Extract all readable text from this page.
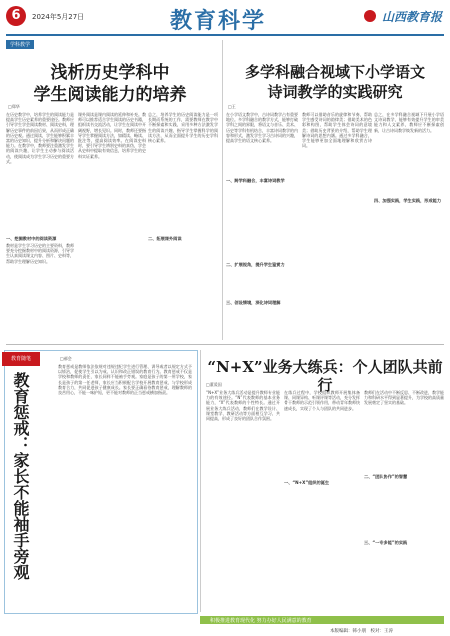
6	2024年5月27日	教育科学	山西教育报
学科教学
浅析历史学科中
学生阅读能力的培养
□郑华
在历史教学中，培养学生的阅读能力是提高学生历史素养的重要途径。教师应引导学生学会阅读教材、阅读史料，理解历史事件的前因后果，从而形成正确的历史观。通过阅读，学生能够积累丰富的历史知识，提升分析和解决问题的能力。在教学中，教师要注重激发学生的阅读兴趣，让学生主动参与阅读活动，使阅读成为学生学习历史的重要方式。
一、挖掘教材中的阅读资源
教材是学生学习历史的主要资料，教师要充分挖掘教材中的阅读资源，引导学生认真阅读课文内容、图片、史料等，帮助学生理解历史知识。
课外阅读是课内阅读的延伸和补充。教师可以推荐适合学生阅读的历史书籍，组织读书交流活动，让学生在阅读中开阔视野，增长见识。同时，教师还要指导学生掌握阅读方法，如精读、略读、批注等，提高阅读效率。在阅读史料时，要引导学生辨别史料的真伪，学会从史料中提取有效信息，培养学生的史料实证素养。
二、拓展课外阅读
总之，培养学生的历史阅读能力是一项长期而系统的工作，需要教师在教学中不断探索和实践，采用多种方法激发学生的阅读兴趣，指导学生掌握科学的阅读方法，从而全面提升学生的历史学科核心素养。
多学科融合视域下小学语文
诗词教学的实践研究
□王
在小学语文教学中，古诗词教学占有重要地位。多学科融合的教学方式，能够打破学科之间的界限，将语文与音乐、美术、历史等学科有机结合，丰富诗词教学的内容和形式，激发学生学习古诗词的兴趣，提高学生的语文核心素养。
一、跨学科融合，丰富诗词教学
二、扩展视角，提升学生鉴赏力
三、创设情境，深化诗词理解
教师可以借助音乐的旋律和节奏，帮助学生感受诗词的韵律美；借助美术的色彩和构图，帮助学生体会诗词的意境美；借助历史背景的介绍，帮助学生理解诗词的思想内涵。通过多学科融合，学生能够更加全面地理解和欣赏古诗词。
四、加强实践，学生实践，形成能力
总之，在多学科融合视域下开展小学语文诗词教学，能够有效提升学生的审美能力和人文素养，教师应不断探索创新，让古诗词教学焕发新的活力。
教育随笔
教育惩戒：家长不能袖手旁观
□郝会
教育惩戒是教师依法依规对违规违纪学生进行管理、训导或者以规定方式予以矫治，促使学生引以为戒、认识和改正错误的教育行为。教育惩戒不仅是学校和教师的责任，家长同样不能袖手旁观。家庭是孩子的第一所学校，家长是孩子的第一任老师，家长应当积极配合学校开展教育惩戒，与学校形成教育合力，共同促进孩子健康成长。家长要正确看待教育惩戒，理解教师的良苦用心，不能一味护短，更不能对教师的正当惩戒横加指责。
“N+X”业务大练兵：个人团队共前行
□董爱国
“N+X”业务大练兵活动是提升教师专业能力的有效途径。“N”代表教师的基本业务能力，“X”代表教师的个性特长。通过开展业务大练兵活动，教师们在教学设计、课堂教学、教研活动等方面相互学习、共同提高，形成了良好的团队合作氛围。
一、“N+X”组织的诞生
在练兵过程中，学校组织教师开展集体备课、同课异构、听课评课等活动，充分发挥骨干教师的示范引领作用，带动青年教师快速成长，实现了个人与团队的共同进步。
二、“团队协作”的智慧
三、“一专多能”的实践
教师们在活动中不断反思、不断改进，教学能力和科研水平得到显著提升，为学校的高质量发展奠定了坚实的基础。
积极推进教育现代化 努力办好人民满意的教育
本版编辑：韩小朋　校对：王涛
